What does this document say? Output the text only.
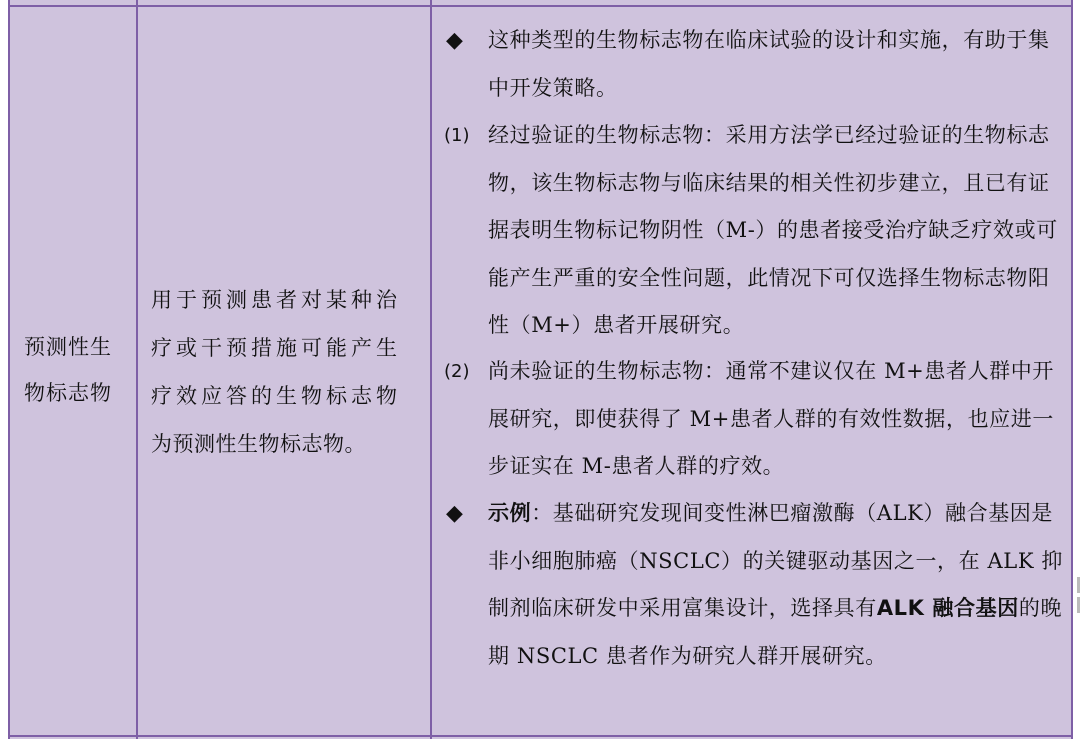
预测性生物标志物
用于预测患者对某种治疗或干预措施可能产生疗效应答的生物标志物为预测性生物标志物。
◆	这种类型的生物标志物在临床试验的设计和实施，有助于集中开发策略。
(1) 经过验证的生物标志物：采用方法学已经过验证的生物标志物，该生物标志物与临床结果的相关性初步建立，且已有证据表明生物标记物阴性（M-）的患者接受治疗缺乏疗效或可能产生严重的安全性问题，此情况下可仅选择生物标志物阳性（M+）患者开展研究。
(2) 尚未验证的生物标志物：通常不建议仅在 M+患者人群中开展研究，即使获得了 M+患者人群的有效性数据，也应进一步证实在 M-患者人群的疗效。
◆	示例：基础研究发现间变性淋巴瘤激酶（ALK）融合基因是非小细胞肺癌（NSCLC）的关键驱动基因之一，在 ALK 抑制剂临床研发中采用富集设计，选择具有ALK 融合基因的晚期 NSCLC 患者作为研究人群开展研究。
